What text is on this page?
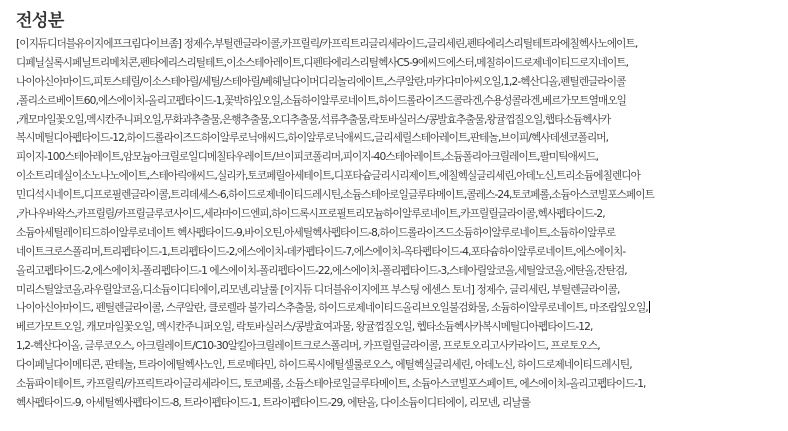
전성분
[이지듀디더블유이지에프크림다이브좀] 정제수,부틸렌글라이콜,카프릴릭/카프릭트리글리세라이드,글리세린,펜타에리스리틸테트라에칠헥사노에이트,
디페닐실록시페닐트리메치콘,펜타에리스리틸테트,이소스테아레이트,디펜타에리스리틸헥사C5-9에씨드에스터,메칠하이드로제네이티드로지네이트,
나이아신아마이드,피토스테릴/이소스테아릴/세틸/스테아릴/베헤닐다이머디리놀리에이트,스쿠알란,마카다미아씨오일,1,2-헥산디올,펜틸렌글라이콜
,폴리소르베이트60,에스에이치-올리고펩타이드-1,꽃박하잎오일,소듐하이알루로네이트,하이드롤라이즈드콜라겐,수용성콜라겐,베르가모트열매오일
,캐모마일꽃오일,멕시칸주니퍼오일,무화과추출물,은행추출물,오디추출물,석류추출물,락토바실러스/콩발효추출물,왕귤껍질오일,햅타소듐헥사카
복시메틸디아펩타이드-12,하이드롤라이즈드하이알루로닉애씨드,하이알루로닉애씨드,글리세릴스테아레이트,판테놀,브이피/헥사데센코폴리머,
피이지-100스테아레이트,암모늄아크릴로일디메칠타우레이트/브이피코폴리머,피이지-40스테아레이트,소듐폴리아크릴레이트,팔미틱애씨드,
이소트리데실이소노나노에이트,스테아릭애씨드,실리카,토코페릴아세테이트,디포타슘글리시리제이트,에칠헥실글리세린,아데노신,트리소듐에칠렌디아
민디석시네이트,디프로필렌글라이콜,트리데세스-6,하이드로제네이티드레시틴,소듐스테아로일글루타메이트,콜레스-24,토코페롤,소듐아스코빌포스페이트
,카나우바왁스,카프릴릴/카프릴글루코사이드,세라마이드엔피,하이드록시프로필트리모늄하이알루로네이트,카프릴릴글라이콜,헥사펩타이드-2,
소듐아세틸레이티드하이알루로네이트 헥사펩타이드-9,바이오틴,아세틸헥사펩타이드-8,하이드롤라이즈드소듐하이알루로네이트,소듐하이알루로
네이트크로스폴리머,트리펩타이드-1,트리펩타이드-2,에스에이치-데카펩타이드-7,에스에이치-옥타펩타이드-4,포타슘하이알루로네이트,에스에이치-
올리고펩타이드-2,에스에이치-폴리펩타이드-1 에스에이치-폴리펩타이드-22,에스에이치-폴리펩타이드-3,스테아릴알코올,세틸알코올,에탄올,잔탄검,
미리스틸알코올,라우릴알코올,디소듐이디티에이,리모넨,리날룰 [이지듀 디더블유이지에프 부스팅 에센스 토너] 정제수, 글리세린, 부틸렌글라이콜,
나이아신아마이드, 펜틸렌글라이콜, 스쿠알란, 클로렐라 불가리스추출물, 하이드로제네이티드올리브오일불검화물, 소듐하이알루로네이트, 마조람잎오일,
베르가모트오일, 캐모마일꽃오일, 멕시칸주니퍼오일, 락토바실러스/콩발효여과물, 왕귤껍질오일, 헵타소듐헥사카복시메틸디아펩타이드-12,
1,2-헥산다이올, 글루코오스, 아크릴레이트/C10-30알킬아크릴레이트크로스폴리머, 카프릴릴글라이콜, 프로토오리고사카라이드, 프로토오스,
다이페닐다이메티콘, 판테놀, 트라이에틸헥사노인, 트로메타민, 하이드록시에틸셀룰로오스, 에틸헥실글리세린, 아데노신, 하이드로제네이티드레시틴,
소듐파이테이트, 카프릴릭/카프릭트라이글리세라이드, 토코페롤, 소듐스테아로일글루타메이트, 소듐아스코빌포스페이트, 에스에이치-올리고펩타이드-1,
헥사펩타이드-9, 아세틸헥사펩타이드-8, 트라이펩타이드-1, 트라이펩타이드-29, 에탄올, 다이소듐이디티에이, 리모넨, 리날룰
